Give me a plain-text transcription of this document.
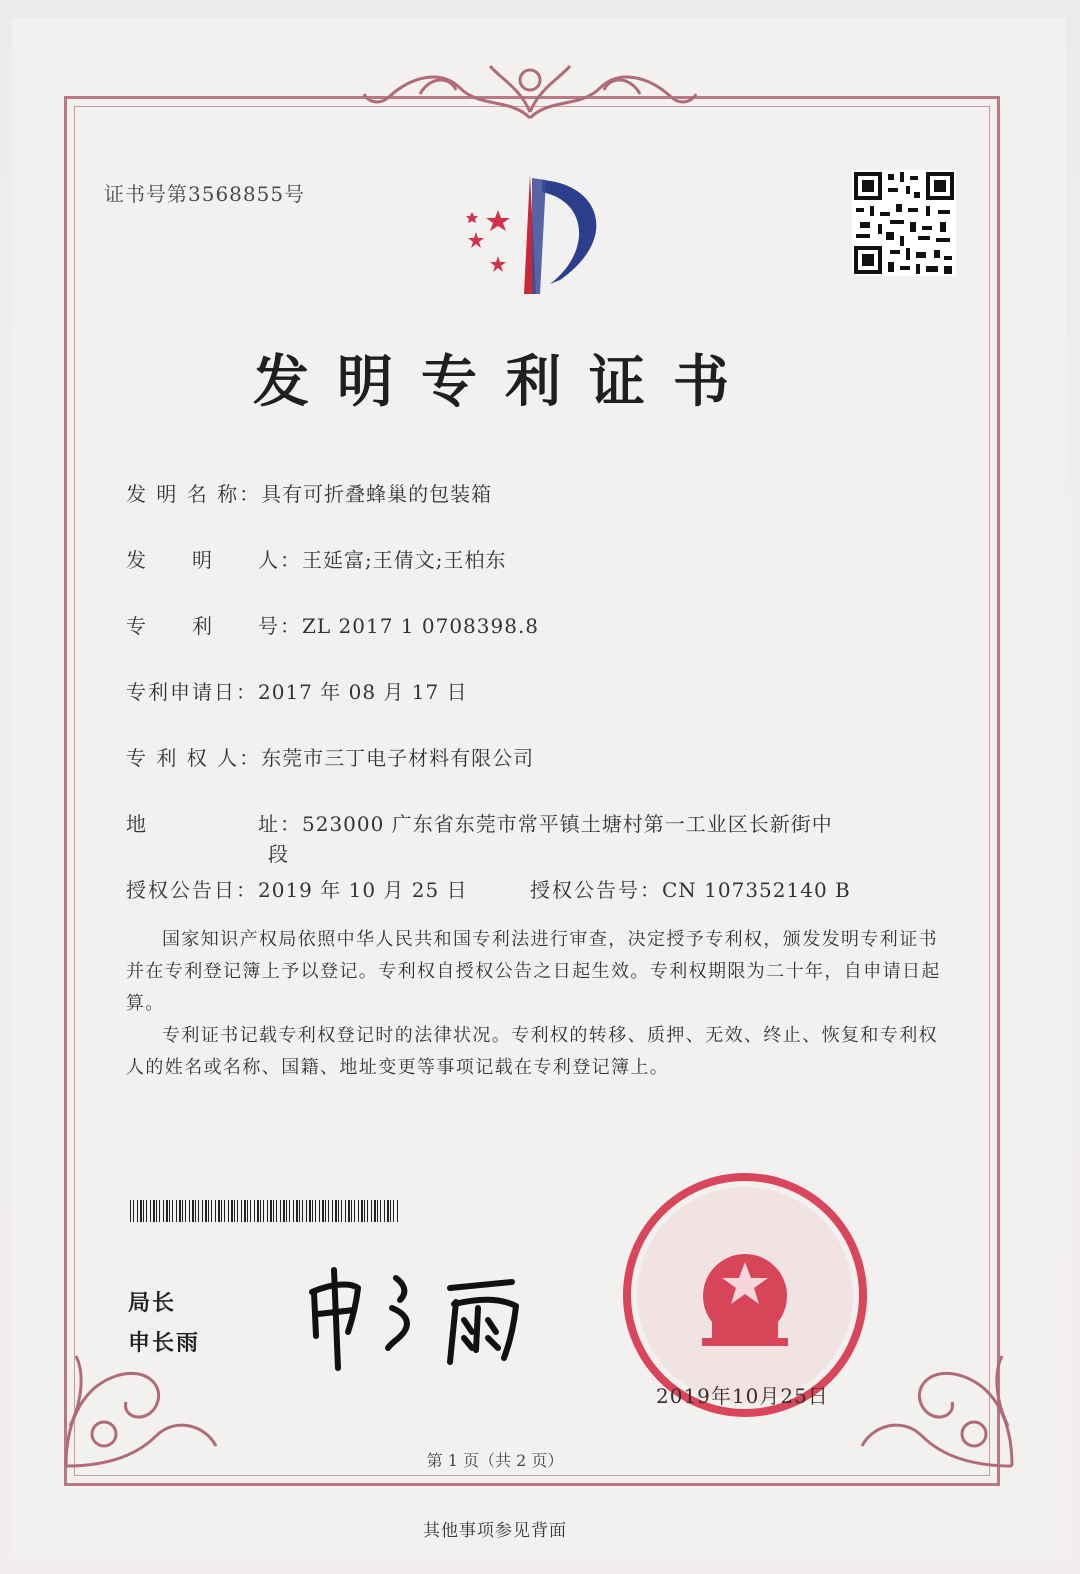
证书号第3568855号
发明专利证书
发 明 名 称：具有可折叠蜂巢的包装箱
发　　明　　人：王延富;王倩文;王柏东
专　　利　　号：ZL 2017 1 0708398.8
专利申请日：2017 年 08 月 17 日
专 利 权 人：东莞市三丁电子材料有限公司
地　　　　　址：523000 广东省东莞市常平镇土塘村第一工业区长新街中
段
授权公告日：2019 年 10 月 25 日	授权公告号：CN 107352140 B
国家知识产权局依照中华人民共和国专利法进行审查，决定授予专利权，颁发发明专利证书并在专利登记簿上予以登记。专利权自授权公告之日起生效。专利权期限为二十年，自申请日起算。
专利证书记载专利权登记时的法律状况。专利权的转移、质押、无效、终止、恢复和专利权人的姓名或名称、国籍、地址变更等事项记载在专利登记簿上。
局长
申长雨
2019年10月25日
第 1 页（共 2 页）
其他事项参见背面
